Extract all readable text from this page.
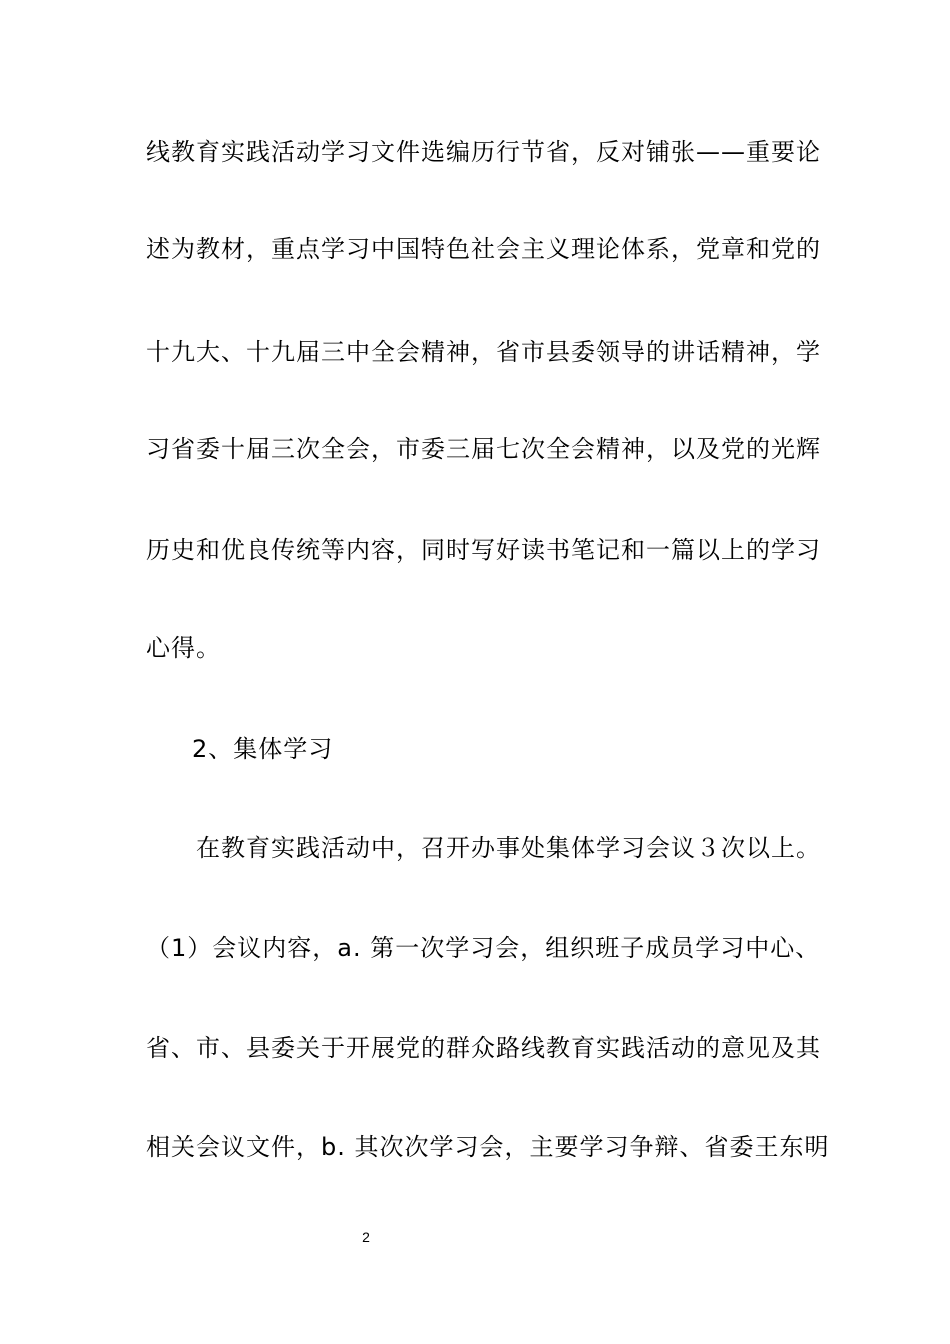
线教育实践活动学习文件选编历行节省，反对铺张——重要论
述为教材，重点学习中国特色社会主义理论体系，党章和党的
十九大、十九届三中全会精神，省市县委领导的讲话精神，学
习省委十届三次全会，市委三届七次全会精神，以及党的光辉
历史和优良传统等内容，同时写好读书笔记和一篇以上的学习
心得。
2、集体学习
在教育实践活动中，召开办事处集体学习会议３次以上。
（1）会议内容，a. 第一次学习会，组织班子成员学习中心、
省、市、县委关于开展党的群众路线教育实践活动的意见及其
相关会议文件，b. 其次次学习会，主要学习争辩、省委王东明
2
